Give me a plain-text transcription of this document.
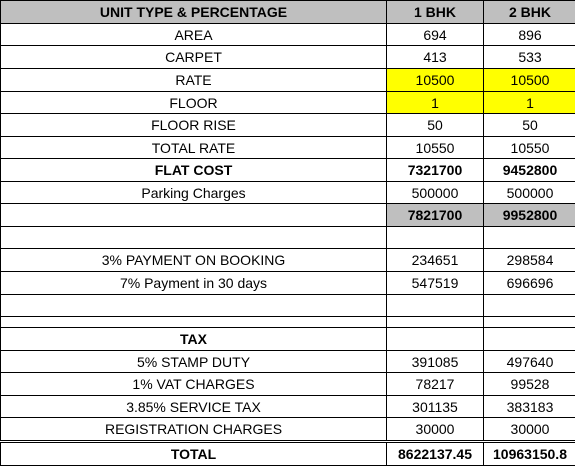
UNIT TYPE & PERCENTAGE	1 BHK	2 BHK
AREA	694	896
CARPET	413	533
RATE	10500	10500
FLOOR	1	1
FLOOR RISE	50	50
TOTAL RATE	10550	10550
FLAT COST	7321700	9452800
Parking Charges	500000	500000
	7821700	9952800

3% PAYMENT ON BOOKING	234651	298584
7% Payment in 30 days	547519	696696

TAX		
5% STAMP DUTY	391085	497640
1% VAT CHARGES	78217	99528
3.85% SERVICE TAX	301135	383183
REGISTRATION CHARGES	30000	30000
TOTAL	8622137.45	10963150.8
